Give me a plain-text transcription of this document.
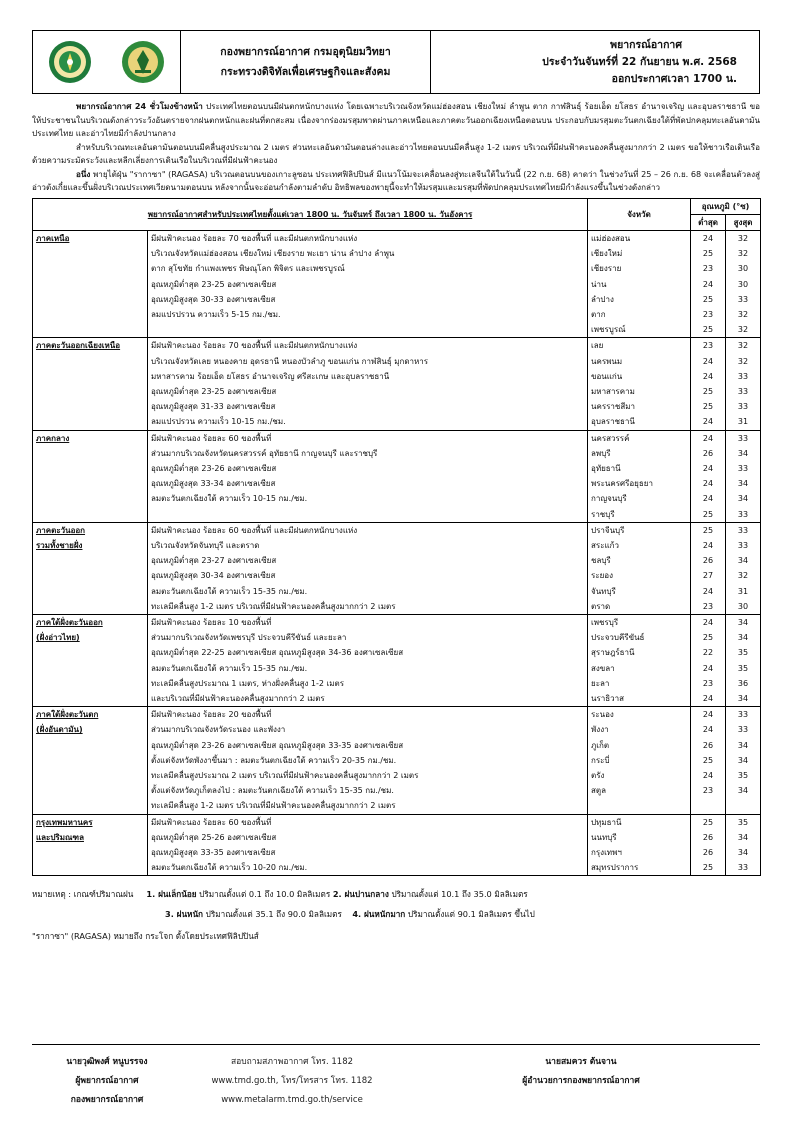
กองพยากรณ์อากาศ กรมอุตุนิยมวิทยา
กระทรวงดิจิทัลเพื่อเศรษฐกิจและสังคม
พยากรณ์อากาศ
ประจำวันจันทร์ที่ 22 กันยายน พ.ศ. 2568
ออกประกาศเวลา 1700 น.

พยากรณ์อากาศ 24 ชั่วโมงข้างหน้า ประเทศไทยตอนบนมีฝนตกหนักบางแห่ง โดยเฉพาะบริเวณจังหวัดแม่ฮ่องสอน เชียงใหม่ ลำพูน ตาก กาฬสินธุ์ ร้อยเอ็ด ยโสธร อำนาจเจริญ และอุบลราชธานี ขอให้ประชาชนในบริเวณดังกล่าวระวังอันตรายจากฝนตกหนักและฝนที่ตกสะสม เนื่องจากร่องมรสุมพาดผ่านภาคเหนือและภาคตะวันออกเฉียงเหนือตอนบน ประกอบกับมรสุมตะวันตกเฉียงใต้ที่พัดปกคลุมทะเลอันดามัน ประเทศไทย และอ่าวไทยมีกำลังปานกลาง

สำหรับบริเวณทะเลอันดามันตอนบนมีคลื่นสูงประมาณ 2 เมตร ส่วนทะเลอันดามันตอนล่างและอ่าวไทยตอนบนมีคลื่นสูง 1-2 เมตร บริเวณที่มีฝนฟ้าคะนองคลื่นสูงมากกว่า 2 เมตร ขอให้ชาวเรือเดินเรือด้วยความระมัดระวังและหลีกเลี่ยงการเดินเรือในบริเวณที่มีฝนฟ้าคะนอง

อนึ่ง พายุไต้ฝุ่น "รากาซา" (RAGASA) บริเวณตอนบนของเกาะลูซอน ประเทศฟิลิปปินส์ มีแนวโน้มจะเคลื่อนลงสู่ทะเลจีนใต้ในวันนี้ (22 ก.ย. 68) คาดว่า ในช่วงวันที่ 25 – 26 ก.ย. 68 จะเคลื่อนตัวลงสู่อ่าวตังเกี๋ยและขึ้นฝั่งบริเวณประเทศเวียดนามตอนบน หลังจากนั้นจะอ่อนกำลังตามลำดับ อิทธิพลของพายุนี้จะทำให้มรสุมและมรสุมที่พัดปกคลุมประเทศไทยมีกำลังแรงขึ้นในช่วงดังกล่าว

พยากรณ์อากาศสำหรับประเทศไทยตั้งแต่เวลา 1800 น. วันจันทร์ ถึงเวลา 1800 น. วันอังคาร		จังหวัด	อุณหภูมิ (°ซ)	
			ต่ำสุด	สูงสุด
ภาคเหนือ	มีฝนฟ้าคะนอง ร้อยละ 70 ของพื้นที่ และมีฝนตกหนักบางแห่ง	แม่ฮ่องสอน	24	32
	บริเวณจังหวัดแม่ฮ่องสอน เชียงใหม่ เชียงราย พะเยา น่าน ลำปาง ลำพูน	เชียงใหม่	25	32
	ตาก สุโขทัย กำแพงเพชร พิษณุโลก พิจิตร และเพชรบูรณ์	เชียงราย	23	30
	อุณหภูมิต่ำสุด 23-25 องศาเซลเซียส	น่าน	24	30
	อุณหภูมิสูงสุด 30-33 องศาเซลเซียส	ลำปาง	25	33
	ลมแปรปรวน ความเร็ว 5-15 กม./ชม.	ตาก	23	32
		เพชรบูรณ์	25	32
ภาคตะวันออกเฉียงเหนือ	มีฝนฟ้าคะนอง ร้อยละ 70 ของพื้นที่ และมีฝนตกหนักบางแห่ง	เลย	23	32
	บริเวณจังหวัดเลย หนองคาย อุดรธานี หนองบัวลำภู ขอนแก่น กาฬสินธุ์ มุกดาหาร	นครพนม	24	32
	มหาสารคาม ร้อยเอ็ด ยโสธร อำนาจเจริญ ศรีสะเกษ และอุบลราชธานี	ขอนแก่น	24	33
	อุณหภูมิต่ำสุด 23-25 องศาเซลเซียส	มหาสารคาม	25	33
	อุณหภูมิสูงสุด 31-33 องศาเซลเซียส	นครราชสีมา	25	33
	ลมแปรปรวน ความเร็ว 10-15 กม./ชม.	อุบลราชธานี	24	31
ภาคกลาง	มีฝนฟ้าคะนอง ร้อยละ 60 ของพื้นที่	นครสวรรค์	24	33
	ส่วนมากบริเวณจังหวัดนครสวรรค์ อุทัยธานี กาญจนบุรี และราชบุรี	ลพบุรี	26	34
	อุณหภูมิต่ำสุด 23-26 องศาเซลเซียส	อุทัยธานี	24	33
	อุณหภูมิสูงสุด 33-34 องศาเซลเซียส	พระนครศรีอยุธยา	24	34
	ลมตะวันตกเฉียงใต้ ความเร็ว 10-15 กม./ชม.	กาญจนบุรี	24	34
		ราชบุรี	25	33
ภาคตะวันออก	มีฝนฟ้าคะนอง ร้อยละ 60 ของพื้นที่ และมีฝนตกหนักบางแห่ง	ปราจีนบุรี	25	33
รวมทั้งชายฝั่ง	บริเวณจังหวัดจันทบุรี และตราด	สระแก้ว	24	33
	อุณหภูมิต่ำสุด 23-27 องศาเซลเซียส	ชลบุรี	26	34
	อุณหภูมิสูงสุด 30-34 องศาเซลเซียส	ระยอง	27	32
	ลมตะวันตกเฉียงใต้ ความเร็ว 15-35 กม./ชม.	จันทบุรี	24	31
	ทะเลมีคลื่นสูง 1-2 เมตร บริเวณที่มีฝนฟ้าคะนองคลื่นสูงมากกว่า 2 เมตร	ตราด	23	30
ภาคใต้ฝั่งตะวันออก	มีฝนฟ้าคะนอง ร้อยละ 10 ของพื้นที่	เพชรบุรี	24	34
(ฝั่งอ่าวไทย)	ส่วนมากบริเวณจังหวัดเพชรบุรี ประจวบคีรีขันธ์ และยะลา	ประจวบคีรีขันธ์	25	34
	อุณหภูมิต่ำสุด 22-25 องศาเซลเซียส อุณหภูมิสูงสุด 34-36 องศาเซลเซียส	สุราษฎร์ธานี	22	35
	ลมตะวันตกเฉียงใต้ ความเร็ว 15-35 กม./ชม.	สงขลา	24	35
	ทะเลมีคลื่นสูงประมาณ 1 เมตร, ห่างฝั่งคลื่นสูง 1-2 เมตร	ยะลา	23	36
	และบริเวณที่มีฝนฟ้าคะนองคลื่นสูงมากกว่า 2 เมตร	นราธิวาส	24	34
ภาคใต้ฝั่งตะวันตก	มีฝนฟ้าคะนอง ร้อยละ 20 ของพื้นที่	ระนอง	24	33
(ฝั่งอันดามัน)	ส่วนมากบริเวณจังหวัดระนอง และพังงา	พังงา	24	33
	อุณหภูมิต่ำสุด 23-26 องศาเซลเซียส อุณหภูมิสูงสุด 33-35 องศาเซลเซียส	ภูเก็ต	26	34
	ตั้งแต่จังหวัดพังงาขึ้นมา : ลมตะวันตกเฉียงใต้ ความเร็ว 20-35 กม./ชม.	กระบี่	25	34
	ทะเลมีคลื่นสูงประมาณ 2 เมตร บริเวณที่มีฝนฟ้าคะนองคลื่นสูงมากกว่า 2 เมตร	ตรัง	24	35
	ตั้งแต่จังหวัดภูเก็ตลงไป : ลมตะวันตกเฉียงใต้ ความเร็ว 15-35 กม./ชม.	สตูล	23	34
	ทะเลมีคลื่นสูง 1-2 เมตร บริเวณที่มีฝนฟ้าคะนองคลื่นสูงมากกว่า 2 เมตร			
กรุงเทพมหานคร	มีฝนฟ้าคะนอง ร้อยละ 60 ของพื้นที่	ปทุมธานี	25	35
และปริมณฑล	อุณหภูมิต่ำสุด 25-26 องศาเซลเซียส	นนทบุรี	26	34
	อุณหภูมิสูงสุด 33-35 องศาเซลเซียส	กรุงเทพฯ	26	34
	ลมตะวันตกเฉียงใต้ ความเร็ว 10-20 กม./ชม.	สมุทรปราการ	25	33
หมายเหตุ : เกณฑ์ปริมาณฝน 1. ฝนเล็กน้อย ปริมาณตั้งแต่ 0.1 ถึง 10.0 มิลลิเมตร 2. ฝนปานกลาง ปริมาณตั้งแต่ 10.1 ถึง 35.0 มิลลิเมตร
3. ฝนหนัก ปริมาณตั้งแต่ 35.1 ถึง 90.0 มิลลิเมตร 4. ฝนหนักมาก ปริมาณตั้งแต่ 90.1 มิลลิเมตร ขึ้นไป
"รากาซา" (RAGASA) หมายถึง กระโจก ตั้งโดยประเทศฟิลิปปินส์
นายวุฒิพงศ์ หนูบรรจง
ผู้พยากรณ์อากาศ
กองพยากรณ์อากาศ
สอบถามสภาพอากาศ โทร. 1182
www.tmd.go.th, โทร/โทรสาร โทร. 1182
www.metalarm.tmd.go.th/service
นายสมควร ต้นจาน
ผู้อำนวยการกองพยากรณ์อากาศ
